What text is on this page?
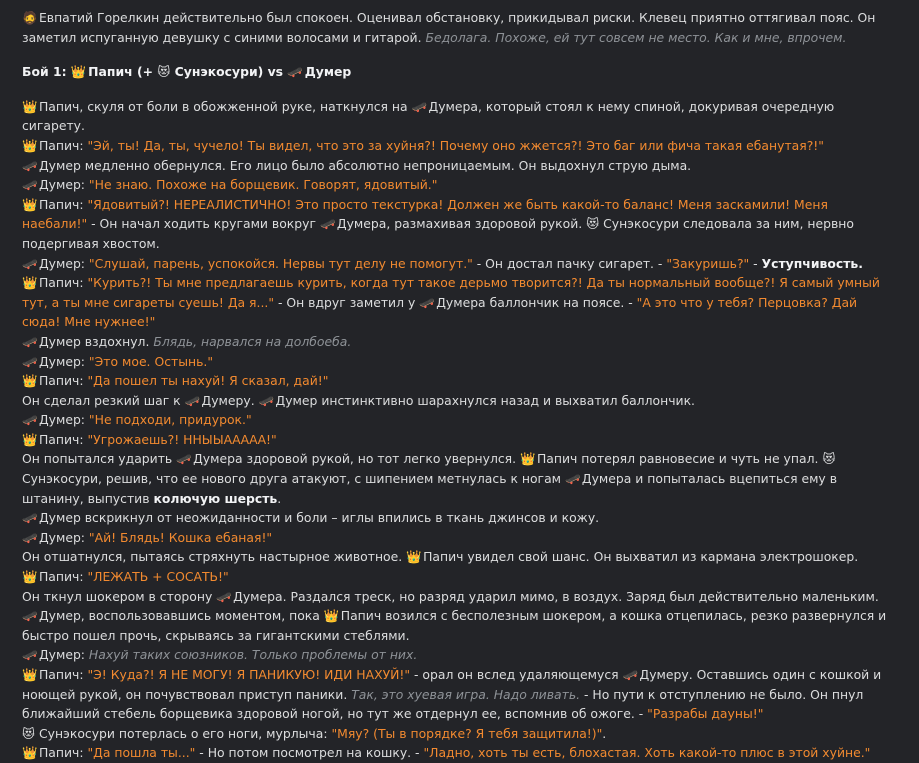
🧔 Евпатий Горелкин действительно был спокоен. Оценивал обстановку, прикидывал риски. Клевец приятно оттягивал пояс. Он заметил испуганную девушку с синими волосами и гитарой. Бедолага. Похоже, ей тут совсем не место. Как и мне, впрочем.

Бой 1: 👑 Папич (+ 😻 Сунэкосури) vs 🛹 Думер

👑 Папич, скуля от боли в обожженной руке, наткнулся на 🛹 Думера, который стоял к нему спиной, докуривая очередную сигарету.

👑 Папич: "Эй, ты! Да, ты, чучело! Ты видел, что это за хуйня?! Почему оно жжется?! Это баг или фича такая ебанутая?!"

🛹 Думер медленно обернулся. Его лицо было абсолютно непроницаемым. Он выдохнул струю дыма.

🛹 Думер: "Не знаю. Похоже на борщевик. Говорят, ядовитый."

👑 Папич: "Ядовитый?! НЕРЕАЛИСТИЧНО! Это просто текстурка! Должен же быть какой-то баланс! Меня заскамили! Меня наебали!" - Он начал ходить кругами вокруг 🛹 Думера, размахивая здоровой рукой. 😻 Сунэкосури следовала за ним, нервно подергивая хвостом.

🛹 Думер: "Слушай, парень, успокойся. Нервы тут делу не помогут." - Он достал пачку сигарет. - "Закуришь?" - Уступчивость.

👑 Папич: "Курить?! Ты мне предлагаешь курить, когда тут такое дерьмо творится?! Да ты нормальный вообще?! Я самый умный тут, а ты мне сигареты суешь! Да я..." - Он вдруг заметил у 🛹 Думера баллончик на поясе. - "А это что у тебя? Перцовка? Дай сюда! Мне нужнее!"

🛹 Думер вздохнул. Блядь, нарвался на долбоеба.

🛹 Думер: "Это мое. Остынь."

👑 Папич: "Да пошел ты нахуй! Я сказал, дай!"

Он сделал резкий шаг к 🛹 Думеру. 🛹 Думер инстинктивно шарахнулся назад и выхватил баллончик.

🛹 Думер: "Не подходи, придурок."

👑 Папич: "Угрожаешь?! ННЫЫААААА!"

Он попытался ударить 🛹 Думера здоровой рукой, но тот легко увернулся. 👑 Папич потерял равновесие и чуть не упал. 😻 Сунэкосури, решив, что ее нового друга атакуют, с шипением метнулась к ногам 🛹 Думера и попыталась вцепиться ему в штанину, выпустив колючую шерсть.

🛹 Думер вскрикнул от неожиданности и боли – иглы впились в ткань джинсов и кожу.

🛹 Думер: "Ай! Блядь! Кошка ебаная!"

Он отшатнулся, пытаясь стряхнуть настырное животное. 👑 Папич увидел свой шанс. Он выхватил из кармана электрошокер.

👑 Папич: "ЛЕЖАТЬ + СОСАТЬ!"

Он ткнул шокером в сторону 🛹 Думера. Раздался треск, но разряд ударил мимо, в воздух. Заряд был действительно маленьким. 🛹 Думер, воспользовавшись моментом, пока 👑 Папич возился с бесполезным шокером, а кошка отцепилась, резко развернулся и быстро пошел прочь, скрываясь за гигантскими стеблями.

🛹 Думер: Нахуй таких союзников. Только проблемы от них.

👑 Папич: "Э! Куда?! Я НЕ МОГУ! Я ПАНИКУЮ! ИДИ НАХУЙ!" - орал он вслед удаляющемуся 🛹 Думеру. Оставшись один с кошкой и ноющей рукой, он почувствовал приступ паники. Так, это хуевая игра. Надо ливать. - Но пути к отступлению не было. Он пнул ближайший стебель борщевика здоровой ногой, но тут же отдернул ее, вспомнив об ожоге. - "Разрабы дауны!"

😻 Сунэкосури потерлась о его ноги, мурлыча: "Мяу? (Ты в порядке? Я тебя защитила!)".

👑 Папич: "Да пошла ты..." - Но потом посмотрел на кошку. - "Ладно, хоть ты есть, блохастая. Хоть какой-то плюс в этой хуйне."
